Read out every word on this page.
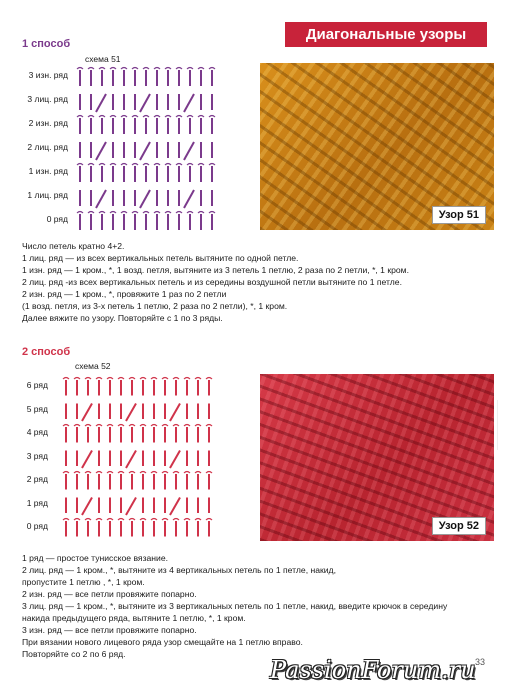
Диагональные узоры
1 способ
схема 51
3 изн. ряд
3 лиц. ряд
2 изн. ряд
2 лиц. ряд
1 изн. ряд
1 лиц. ряд
0 ряд	Узор 51
Число петель кратно 4+2.
1 лиц. ряд — из всех вертикальных петель вытяните по одной петле.
1 изн. ряд — 1 кром., *, 1 возд. петля, вытяните из 3 петель 1 петлю, 2 раза по 2 петли, *, 1 кром.
2 лиц. ряд -из всех вертикальных петель и из середины воздушной петли вытяните по 1 петле.
2 изн. ряд — 1 кром., *, провяжите 1 раз по 2 петли
(1 возд. петля, из 3-х петель 1 петлю, 2 раза по 2 петли), *, 1 кром.
Далее вяжите по узору. Повторяйте с 1 по 3 ряды.
2 способ
схема 52
6 ряд
5 ряд
4 ряд
3 ряд
2 ряд
1 ряд
0 ряд	Узор 52
1 ряд — простое тунисское вязание.
2 лиц. ряд — 1 кром., *, вытяните из 4 вертикальных петель по 1 петле, накид,
пропустите 1 петлю , *, 1 кром.
2 изн. ряд — все петли провяжите попарно.
3 лиц. ряд — 1 кром., *, вытяните из 3 вертикальных петель по 1 петле, накид, введите крючок в середину
накида предыдущего ряда, вытяните 1 петлю, *, 1 кром.
3 изн. ряд — все петли провяжите попарно.
При вязании нового лицевого ряда узор смещайте на 1 петлю вправо.
Повторяйте со 2 по 6 ряд.
PassionForum.ru 33
